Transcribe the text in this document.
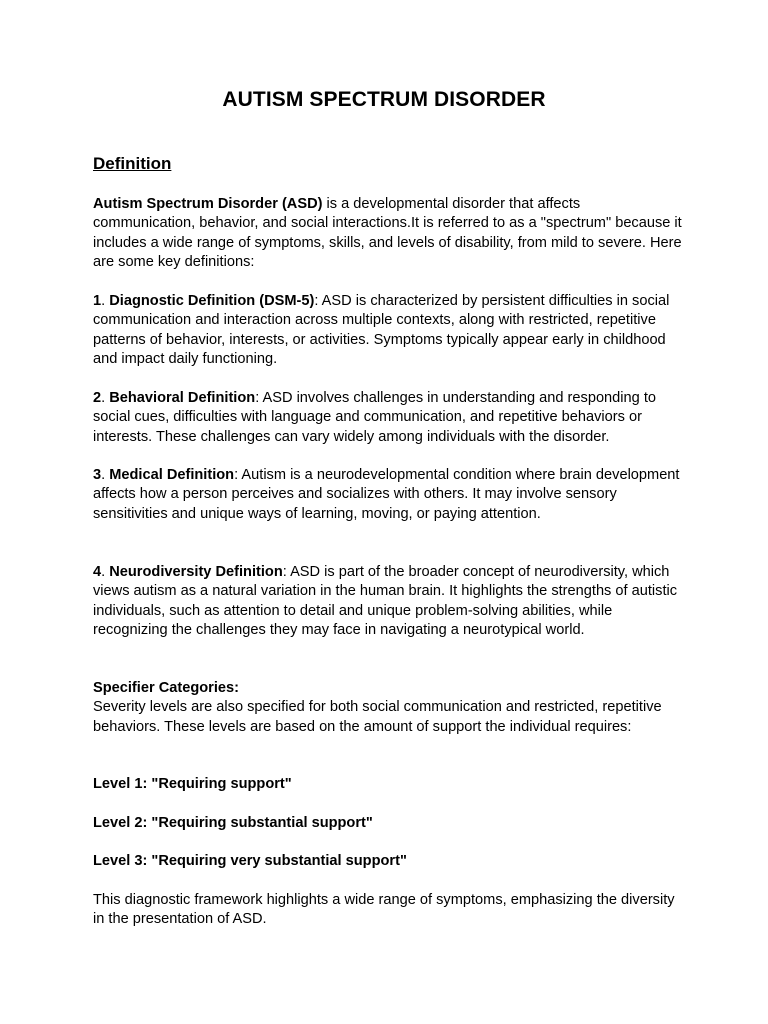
AUTISM SPECTRUM DISORDER
Definition

Autism Spectrum Disorder (ASD) is a developmental disorder that affects communication, behavior, and social interactions.It is referred to as a "spectrum" because it includes a wide range of symptoms, skills, and levels of disability, from mild to severe. Here are some key definitions:

1. Diagnostic Definition (DSM-5): ASD is characterized by persistent difficulties in social communication and interaction across multiple contexts, along with restricted, repetitive patterns of behavior, interests, or activities. Symptoms typically appear early in childhood and impact daily functioning.

2. Behavioral Definition: ASD involves challenges in understanding and responding to social cues, difficulties with language and communication, and repetitive behaviors or interests. These challenges can vary widely among individuals with the disorder.

3. Medical Definition: Autism is a neurodevelopmental condition where brain development affects how a person perceives and socializes with others. It may involve sensory sensitivities and unique ways of learning, moving, or paying attention.

4. Neurodiversity Definition: ASD is part of the broader concept of neurodiversity, which views autism as a natural variation in the human brain. It highlights the strengths of autistic individuals, such as attention to detail and unique problem-solving abilities, while recognizing the challenges they may face in navigating a neurotypical world.

Specifier Categories:

Severity levels are also specified for both social communication and restricted, repetitive behaviors. These levels are based on the amount of support the individual requires:

Level 1: "Requiring support"

Level 2: "Requiring substantial support"

Level 3: "Requiring very substantial support"

This diagnostic framework highlights a wide range of symptoms, emphasizing the diversity in the presentation of ASD.
